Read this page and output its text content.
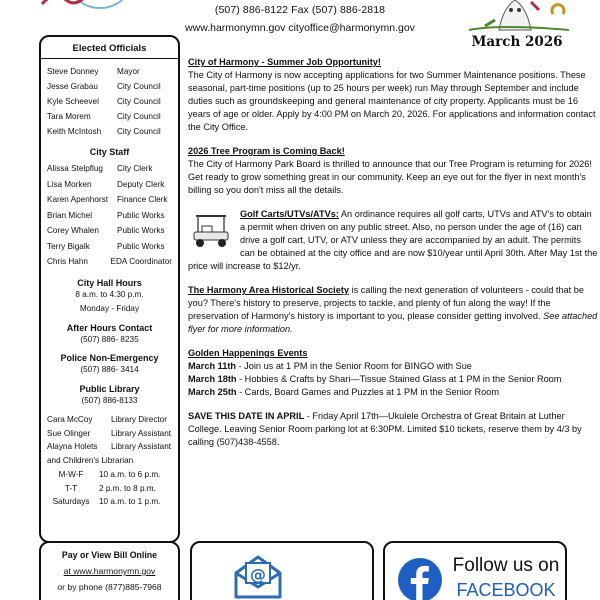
(507) 886-8122 Fax (507) 886-2818
www.harmonymn.gov cityoffice@harmonymn.gov
March 2026
Elected Officials
Steve Donney	Mayor
Jesse Grabau	City Council
Kyle Scheevel	City Council
Tara Morem	City Council
Keith McIntosh	City Council
City Staff
Alissa Stelpflug	City Clerk
Lisa Morken	Deputy Clerk
Karen Apenhorst	Finance Clerk
Brian Michel	Public Works
Corey Whalen	Public Works
Terry Bigalk	Public Works
Chris Hahn	EDA Coordinator
City Hall Hours
8 a.m. to 4:30 p.m.
Monday - Friday
After Hours Contact
(507) 886- 8235
Police Non-Emergency
(507) 886- 3414
Public Library
(507) 886-8133
Cara McCoy	Library Director
Sue Olinger	Library Assistant
Alayna Holets	Library Assistant
and Children's Librarian
M-W-F	10 a.m. to 6 p.m.
T-T	2 p.m. to 8 p.m.
Saturdays	10 a.m. to 1 p.m.

City of Harmony - Summer Job Opportunity!
The City of Harmony is now accepting applications for two Summer Maintenance positions. These seasonal, part-time positions (up to 25 hours per week) run May through September and include duties such as groundskeeping and general maintenance of city property. Applicants must be 16 years of age or older. Apply by 4:00 PM on March 20, 2026. For applications and information contact the City Office.

2026 Tree Program is Coming Back!
The City of Harmony Park Board is thrilled to announce that our Tree Program is returning for 2026! Get ready to grow something great in our community. Keep an eye out for the flyer in next month's billing so you don't miss all the details.

Golf Carts/UTVs/ATVs: An ordinance requires all golf carts, UTVs and ATV's to obtain a permit when driven on any public street. Also, no person under the age of (16) can drive a golf cart, UTV, or ATV unless they are accompanied by an adult. The permits can be obtained at the city office and are now $10/year until April 30th. After May 1st the price will increase to $12/yr.

The Harmony Area Historical Society is calling the next generation of volunteers - could that be you? There's history to preserve, projects to tackle, and plenty of fun along the way! If the preservation of Harmony's history is important to you, please consider getting involved. See attached flyer for more information.

Golden Happenings Events
March 11th - Join us at 1 PM in the Senior Room for BINGO with Sue
March 18th - Hobbies & Crafts by Shari—Tissue Stained Glass at 1 PM in the Senior Room
March 25th - Cards, Board Games and Puzzles at 1 PM in the Senior Room

SAVE THIS DATE IN APRIL - Friday April 17th—Ukulele Orchestra of Great Britain at Luther College. Leaving Senior Room parking lot at 6:30PM. Limited $10 tickets, reserve them by 4/3 by calling (507)438-4558.

Pay or View Bill Online
at www.harmonymn.gov
or by phone (877)885-7968
@	Follow us on
FACEBOOK
